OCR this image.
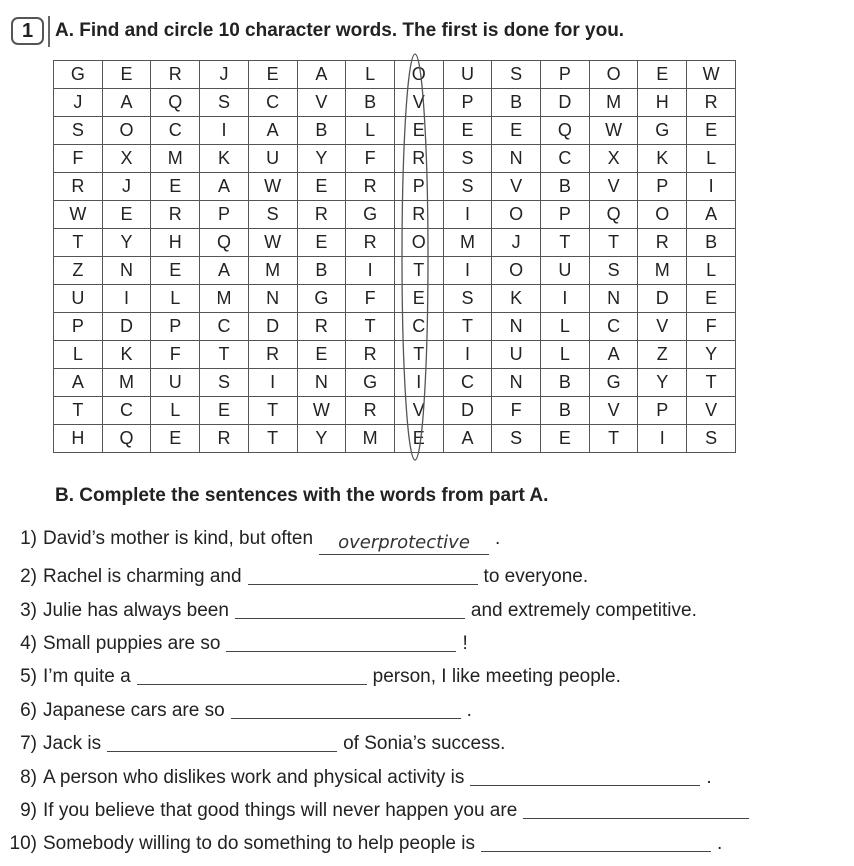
1	A. Find and circle 10 character words. The first is done for you.
G	E	R	J	E	A	L	O	U	S	P	O	E	W
J	A	Q	S	C	V	B	V	P	B	D	M	H	R
S	O	C	I	A	B	L	E	E	E	Q	W	G	E
F	X	M	K	U	Y	F	R	S	N	C	X	K	L
R	J	E	A	W	E	R	P	S	V	B	V	P	I
W	E	R	P	S	R	G	R	I	O	P	Q	O	A
T	Y	H	Q	W	E	R	O	M	J	T	T	R	B
Z	N	E	A	M	B	I	T	I	O	U	S	M	L
U	I	L	M	N	G	F	E	S	K	I	N	D	E
P	D	P	C	D	R	T	C	T	N	L	C	V	F
L	K	F	T	R	E	R	T	I	U	L	A	Z	Y
A	M	U	S	I	N	G	I	C	N	B	G	Y	T
T	C	L	E	T	W	R	V	D	F	B	V	P	V
H	Q	E	R	T	Y	M	E	A	S	E	T	I	S
B. Complete the sentences with the words from part A.
1) David’s mother is kind, but often	overprotective	.
2) Rachel is charming and	to everyone.
3) Julie has always been	and extremely competitive.
4) Small puppies are so	!
5) I’m quite a	person, I like meeting people.
6) Japanese cars are so	.
7) Jack is	of Sonia’s success.
8) A person who dislikes work and physical activity is	.
9) If you believe that good things will never happen you are
10) Somebody willing to do something to help people is	.
